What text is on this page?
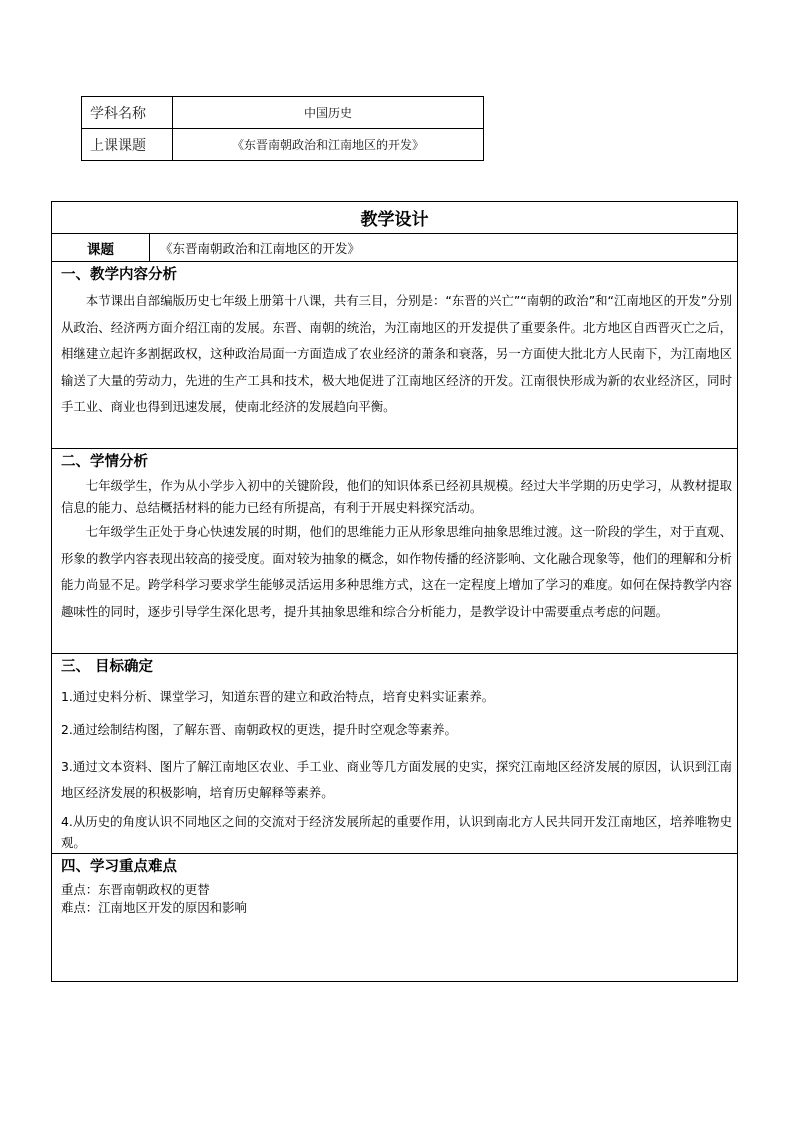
学科名称	中国历史
上课课题	《东晋南朝政治和江南地区的开发》
教学设计
课题	《东晋南朝政治和江南地区的开发》

一、教学内容分析

本节课出自部编版历史七年级上册第十八课，共有三目，分别是：“东晋的兴亡”“南朝的政治”和“江南地区的开发”分别从政治、经济两方面介绍江南的发展。东晋、南朝的统治，为江南地区的开发提供了重要条件。北方地区自西晋灭亡之后，相继建立起许多割据政权，这种政治局面一方面造成了农业经济的萧条和衰落，另一方面使大批北方人民南下，为江南地区输送了大量的劳动力，先进的生产工具和技术，极大地促进了江南地区经济的开发。江南很快形成为新的农业经济区，同时手工业、商业也得到迅速发展，使南北经济的发展趋向平衡。

二、学情分析

七年级学生，作为从小学步入初中的关键阶段，他们的知识体系已经初具规模。经过大半学期的历史学习，从教材提取信息的能力、总结概括材料的能力已经有所提高，有利于开展史料探究活动。

七年级学生正处于身心快速发展的时期，他们的思维能力正从形象思维向抽象思维过渡。这一阶段的学生，对于直观、形象的教学内容表现出较高的接受度。面对较为抽象的概念，如作物传播的经济影响、文化融合现象等，他们的理解和分析能力尚显不足。跨学科学习要求学生能够灵活运用多种思维方式，这在一定程度上增加了学习的难度。如何在保持教学内容趣味性的同时，逐步引导学生深化思考，提升其抽象思维和综合分析能力，是教学设计中需要重点考虑的问题。

三、 目标确定

1.通过史料分析、课堂学习，知道东晋的建立和政治特点，培育史料实证素养。

2.通过绘制结构图，了解东晋、南朝政权的更迭，提升时空观念等素养。

3.通过文本资料、图片了解江南地区农业、手工业、商业等几方面发展的史实，探究江南地区经济发展的原因，认识到江南地区经济发展的积极影响，培育历史解释等素养。

4.从历史的角度认识不同地区之间的交流对于经济发展所起的重要作用，认识到南北方人民共同开发江南地区，培养唯物史观。

四、学习重点难点

重点：东晋南朝政权的更替

难点：江南地区开发的原因和影响
